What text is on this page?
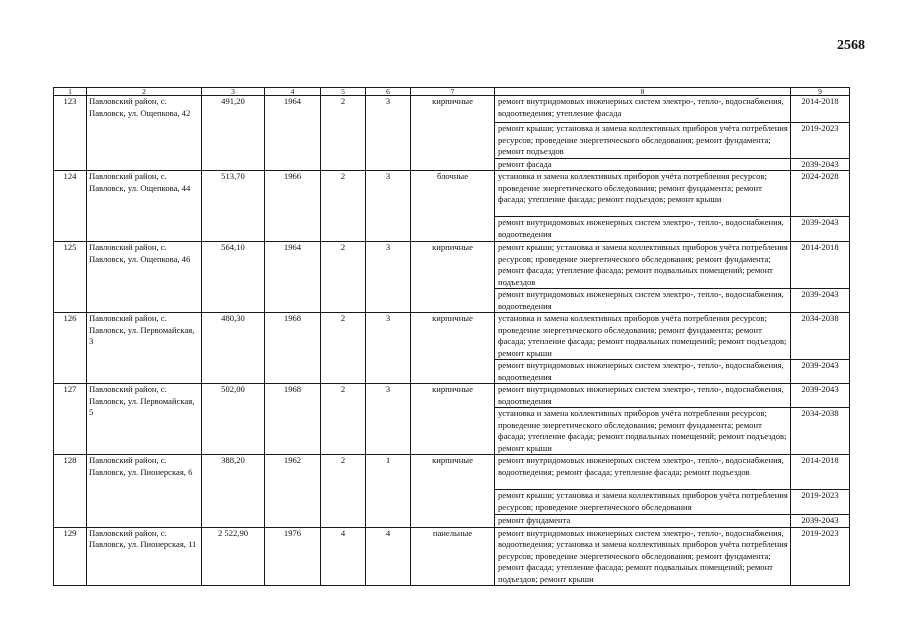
2568
1	2	3	4	5	6	7	8	9
123	Павловский район, с. Павловск, ул. Ощепкова, 42	491,20	1964	2	3	кирпичные	ремонт внутридомовых инженерных систем электро-, тепло-, водоснабжения, водоотведения; утепление фасада	2014-2018
							ремонт крыши; установка и замена коллективных приборов учёта потребления ресурсов; проведение энергетического обследования; ремонт фундамента; ремонт подъездов	2019-2023
							ремонт фасада	2039-2043
124	Павловский район, с. Павловск, ул. Ощепкова, 44	513,70	1966	2	3	блочные	установка и замена коллективных приборов учёта потребления ресурсов; проведение энергетического обследования; ремонт фундамента; ремонт фасада; утепление фасада; ремонт подъездов; ремонт крыши	2024-2028
							ремонт внутридомовых инженерных систем электро-, тепло-, водоснабжения, водоотведения	2039-2043
125	Павловский район, с. Павловск, ул. Ощепкова, 46	564,10	1964	2	3	кирпичные	ремонт крыши; установка и замена коллективных приборов учёта потребления ресурсов; проведение энергетического обследования; ремонт фундамента; ремонт фасада; утепление фасада; ремонт подвальных помещений; ремонт подъездов	2014-2018
							ремонт внутридомовых инженерных систем электро-, тепло-, водоснабжения, водоотведения	2039-2043
126	Павловский район, с. Павловск, ул. Первомайская, 3	480,30	1968	2	3	кирпичные	установка и замена коллективных приборов учёта потребления ресурсов; проведение энергетического обследования; ремонт фундамента; ремонт фасада; утепление фасада; ремонт подвальных помещений; ремонт подъездов; ремонт крыши	2034-2038
							ремонт внутридомовых инженерных систем электро-, тепло-, водоснабжения, водоотведения	2039-2043
127	Павловский район, с. Павловск, ул. Первомайская, 5	502,00	1968	2	3	кирпичные	ремонт внутридомовых инженерных систем электро-, тепло-, водоснабжения, водоотведения	2039-2043
							установка и замена коллективных приборов учёта потребления ресурсов; проведение энергетического обследования; ремонт фундамента; ремонт фасада; утепление фасада; ремонт подвальных помещений; ремонт подъездов; ремонт крыши	2034-2038
128	Павловский район, с. Павловск, ул. Пионерская, 6	388,20	1962	2	1	кирпичные	ремонт внутридомовых инженерных систем электро-, тепло-, водоснабжения, водоотведения; ремонт фасада; утепление фасада; ремонт подъездов	2014-2018
							ремонт крыши; установка и замена коллективных приборов учёта потребления ресурсов; проведение энергетического обследования	2019-2023
							ремонт фундамента	2039-2043
129	Павловский район, с. Павловск, ул. Пионерская, 11	2 522,90	1976	4	4	панельные	ремонт внутридомовых инженерных систем электро-, тепло-, водоснабжения, водоотведения; установка и замена коллективных приборов учёта потребления ресурсов; проведение энергетического обследования; ремонт фундамента; ремонт фасада; утепление фасада; ремонт подвальных помещений; ремонт подъездов; ремонт крыши	2019-2023
